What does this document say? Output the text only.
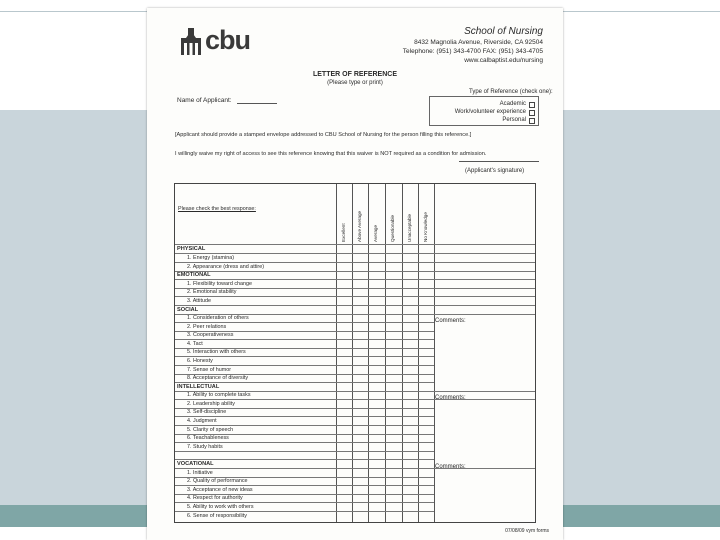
cbu	School of Nursing
8432 Magnolia Avenue, Riverside, CA 92504
Telephone: (951) 343-4700 FAX: (951) 343-4705
www.calbaptist.edu/nursing
LETTER OF REFERENCE
(Please type or print)
Name of Applicant:
Type of Reference (check one):
Academic
Work/volunteer experience
Personal
[Applicant should provide a stamped envelope addressed to CBU School of Nursing for the person filling this reference.]
I willingly waive my right of access to see this reference knowing that this waiver is NOT required as a condition for admission.
(Applicant's signature)
Please check the best response:
Excellent	Above Average	Average	Questionable	Unacceptable	No Knowledge
PHYSICAL
1. Energy (stamina)
2. Appearance (dress and attire)
EMOTIONAL
1. Flexibility toward change
2. Emotional stability
3. Attitude
SOCIAL
1. Consideration of others
2. Peer relations
3. Cooperativeness
4. Tact
5. Interaction with others
6. Honesty
7. Sense of humor
8. Acceptance of diversity
Comments:
INTELLECTUAL
1. Ability to complete tasks
2. Leadership ability
3. Self-discipline
4. Judgment
5. Clarity of speech
6. Teachableness
7. Study habits
Comments:
VOCATIONAL
1. Initiative
2. Quality of performance
3. Acceptance of new ideas
4. Respect for authority
5. Ability to work with others
6. Sense of responsibility
Comments:
07/08/09 vym forms
